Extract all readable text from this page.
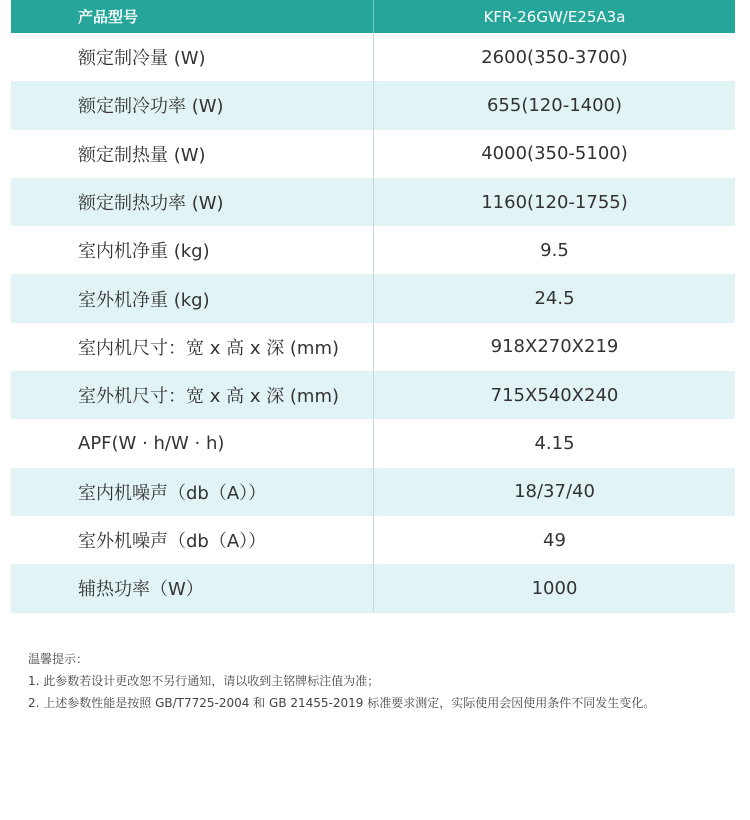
产品型号	KFR-26GW/E25A3a
额定制冷量 (W)	2600(350-3700)
额定制冷功率 (W)	655(120-1400)
额定制热量 (W)	4000(350-5100)
额定制热功率 (W)	1160(120-1755)
室内机净重 (kg)	9.5
室外机净重 (kg)	24.5
室内机尺寸：宽 x 高 x 深 (mm)	918X270X219
室外机尺寸：宽 x 高 x 深 (mm)	715X540X240
APF(W · h/W · h)	4.15
室内机噪声（db（A））	18/37/40
室外机噪声（db（A））	49
辅热功率（W）	1000
温馨提示：
1. 此参数若设计更改恕不另行通知，请以收到主铭牌标注值为准；
2. 上述参数性能是按照 GB/T7725-2004 和 GB 21455-2019 标准要求测定，实际使用会因使用条件不同发生变化。
